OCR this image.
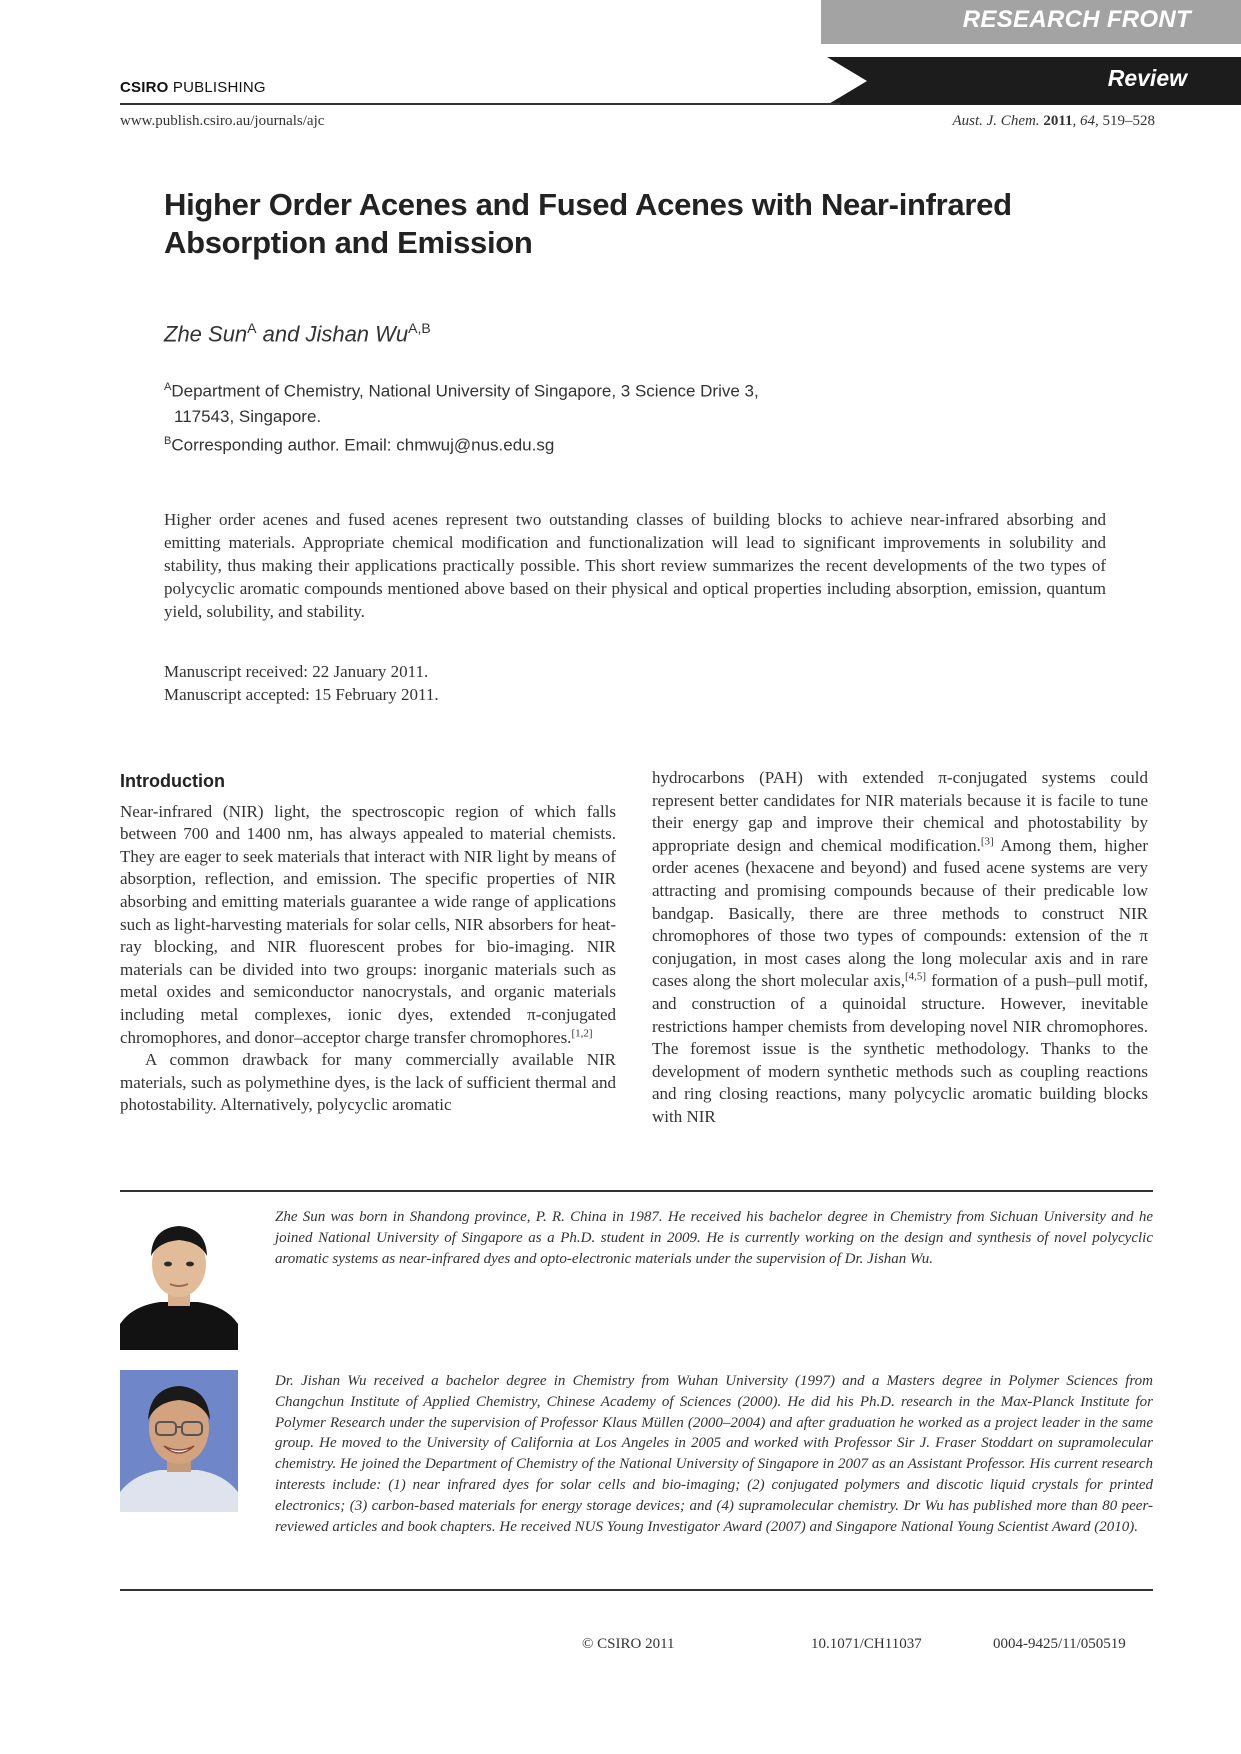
RESEARCH FRONT
Review
CSIRO PUBLISHING
www.publish.csiro.au/journals/ajc	Aust. J. Chem. 2011, 64, 519–528
Higher Order Acenes and Fused Acenes with Near-infrared Absorption and Emission
Zhe Sun$^A$ and Jishan $Wu^{A,B}$
$^A$Department of Chemistry, National University of Singapore, 3 Science Drive 3,
117543, Singapore.
$^B$Corresponding author. Email: chmwuj@nus.edu.sg
Higher order acenes and fused acenes represent two outstanding classes of building blocks to achieve near-infrared absorbing and emitting materials. Appropriate chemical modification and functionalization will lead to significant improvements in solubility and stability, thus making their applications practically possible. This short review summarizes the recent developments of the two types of polycyclic aromatic compounds mentioned above based on their physical and optical properties including absorption, emission, quantum yield, solubility, and stability.
Manuscript received: 22 January 2011.
Manuscript accepted: 15 February 2011.
Introduction

Near-infrared (NIR) light, the spectroscopic region of which falls between 700 and 1400 nm, has always appealed to material chemists. They are eager to seek materials that interact with NIR light by means of absorption, reflection, and emission. The specific properties of NIR absorbing and emitting materials guarantee a wide range of applications such as light-harvesting materials for solar cells, NIR absorbers for heat-ray blocking, and NIR fluorescent probes for bio-imaging. NIR materials can be divided into two groups: inorganic materials such as metal oxides and semiconductor nanocrystals, and organic materials including metal complexes, ionic dyes, extended π-conjugated chromophores, and donor–acceptor charge transfer chromophores.[1,2]

A common drawback for many commercially available NIR materials, such as polymethine dyes, is the lack of sufficient thermal and photostability. Alternatively, polycyclic aromatic

hydrocarbons (PAH) with extended π-conjugated systems could represent better candidates for NIR materials because it is facile to tune their energy gap and improve their chemical and photostability by appropriate design and chemical modification.[3] Among them, higher order acenes (hexacene and beyond) and fused acene systems are very attracting and promising compounds because of their predicable low bandgap. Basically, there are three methods to construct NIR chromophores of those two types of compounds: extension of the π conjugation, in most cases along the long molecular axis and in rare cases along the short molecular axis,[4,5] formation of a push–pull motif, and construction of a quinoidal structure. However, inevitable restrictions hamper chemists from developing novel NIR chromophores. The foremost issue is the synthetic methodology. Thanks to the development of modern synthetic methods such as coupling reactions and ring closing reactions, many polycyclic aromatic building blocks with NIR

Zhe Sun was born in Shandong province, P. R. China in 1987. He received his bachelor degree in Chemistry from Sichuan University and he joined National University of Singapore as a Ph.D. student in 2009. He is currently working on the design and synthesis of novel polycyclic aromatic systems as near-infrared dyes and opto-electronic materials under the supervision of Dr. Jishan Wu.
Dr. Jishan Wu received a bachelor degree in Chemistry from Wuhan University (1997) and a Masters degree in Polymer Sciences from Changchun Institute of Applied Chemistry, Chinese Academy of Sciences (2000). He did his Ph.D. research in the Max-Planck Institute for Polymer Research under the supervision of Professor Klaus Müllen (2000–2004) and after graduation he worked as a project leader in the same group. He moved to the University of California at Los Angeles in 2005 and worked with Professor Sir J. Fraser Stoddart on supramolecular chemistry. He joined the Department of Chemistry of the National University of Singapore in 2007 as an Assistant Professor. His current research interests include: (1) near infrared dyes for solar cells and bio-imaging; (2) conjugated polymers and discotic liquid crystals for printed electronics; (3) carbon-based materials for energy storage devices; and (4) supramolecular chemistry. Dr Wu has published more than 80 peer-reviewed articles and book chapters. He received NUS Young Investigator Award (2007) and Singapore National Young Scientist Award (2010).
© CSIRO 2011	10.1071/CH11037	0004-9425/11/050519
